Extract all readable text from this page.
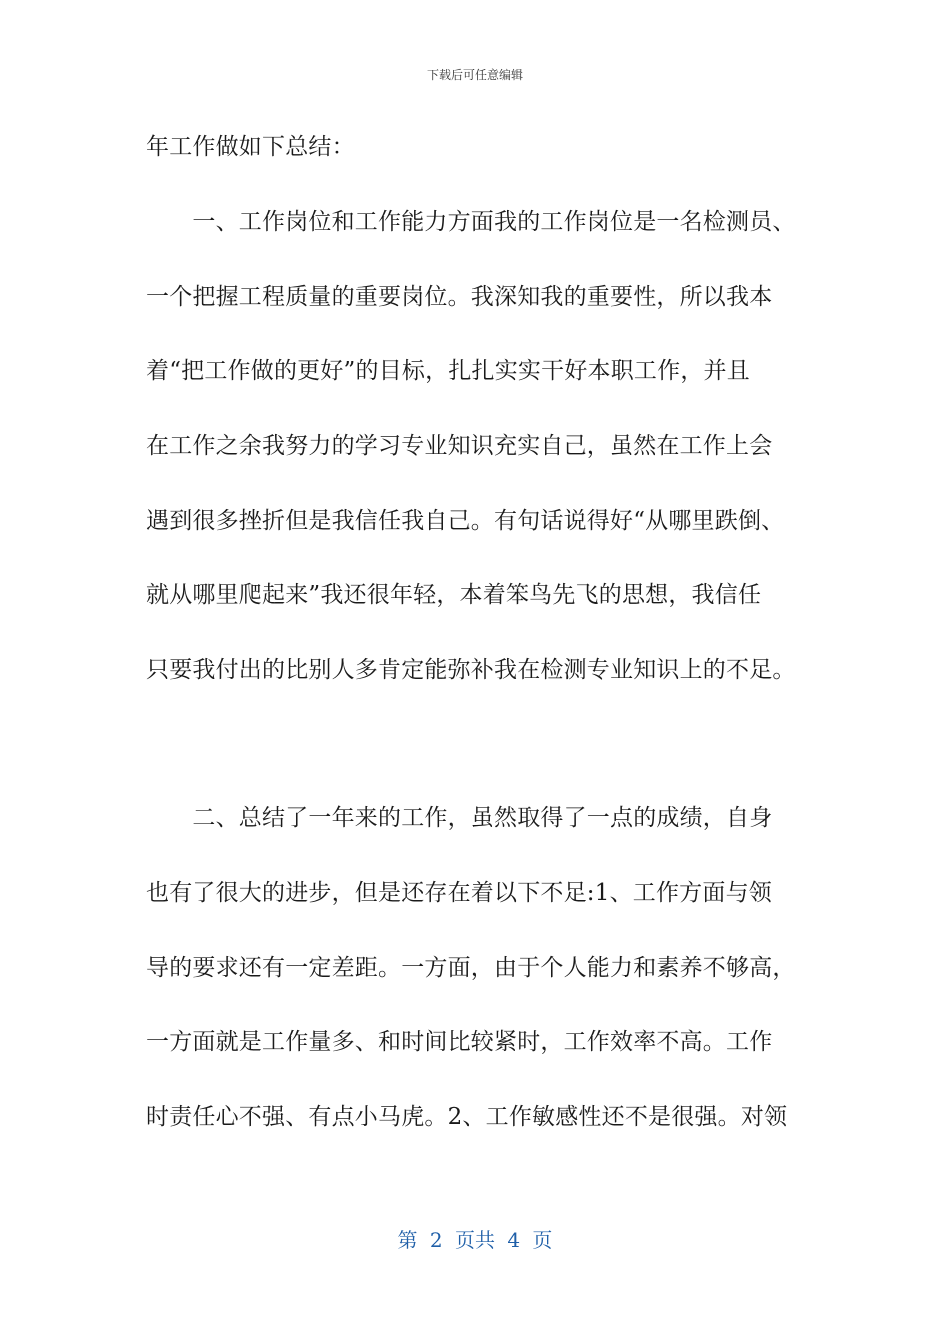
下载后可任意编辑
年工作做如下总结：
　　一、工作岗位和工作能力方面我的工作岗位是一名检测员、
一个把握工程质量的重要岗位。我深知我的重要性，所以我本
着“把工作做的更好”的目标，扎扎实实干好本职工作，并且
在工作之余我努力的学习专业知识充实自己，虽然在工作上会
遇到很多挫折但是我信任我自己。有句话说得好“从哪里跌倒、
就从哪里爬起来”我还很年轻，本着笨鸟先飞的思想，我信任
只要我付出的比别人多肯定能弥补我在检测专业知识上的不足。
　　二、总结了一年来的工作，虽然取得了一点的成绩，自身
也有了很大的进步，但是还存在着以下不足:1、工作方面与领
导的要求还有一定差距。一方面，由于个人能力和素养不够高，
一方面就是工作量多、和时间比较紧时，工作效率不高。工作
时责任心不强、有点小马虎。2、工作敏感性还不是很强。对领
第 2 页共 4 页
